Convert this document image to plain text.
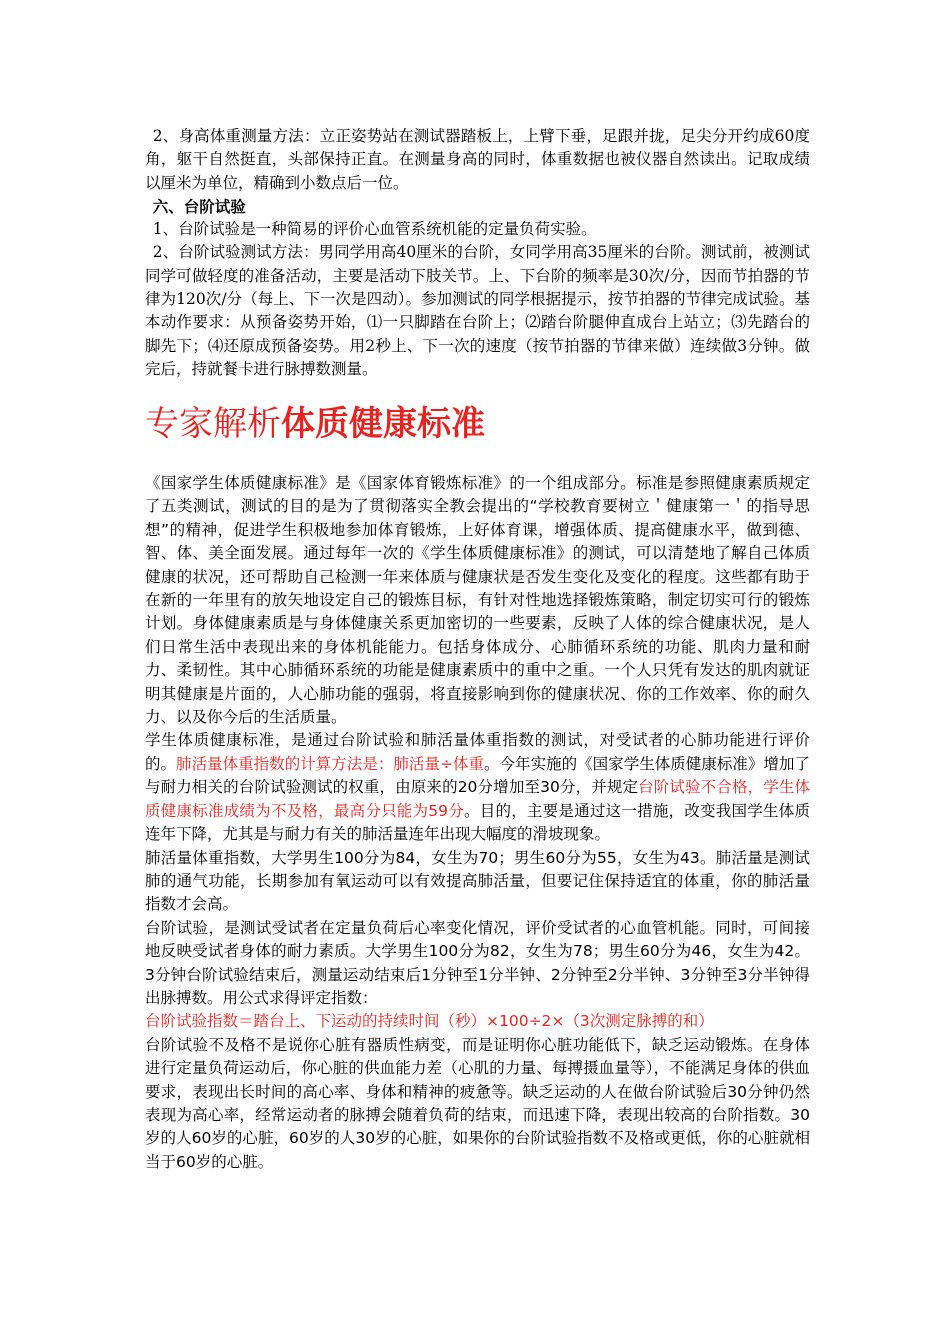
2、身高体重测量方法：立正姿势站在测试器踏板上，上臂下垂，足跟并拢，足尖分开约成60度角，躯干自然挺直，头部保持正直。在测量身高的同时，体重数据也被仪器自然读出。记取成绩以厘米为单位，精确到小数点后一位。

六、台阶试验

1、台阶试验是一种简易的评价心血管系统机能的定量负荷实验。

2、台阶试验测试方法：男同学用高40厘米的台阶，女同学用高35厘米的台阶。测试前，被测试同学可做轻度的准备活动，主要是活动下肢关节。上、下台阶的频率是30次/分，因而节拍器的节律为120次/分（每上、下一次是四动）。参加测试的同学根据提示，按节拍器的节律完成试验。基本动作要求：从预备姿势开始，⑴一只脚踏在台阶上；⑵踏台阶腿伸直成台上站立；⑶先踏台的脚先下；⑷还原成预备姿势。用2秒上、下一次的速度（按节拍器的节律来做）连续做3分钟。做完后，持就餐卡进行脉搏数测量。

专家解析体质健康标准

《国家学生体质健康标准》是《国家体育锻炼标准》的一个组成部分。标准是参照健康素质规定了五类测试，测试的目的是为了贯彻落实全教会提出的“学校教育要树立＇健康第一＇的指导思想”的精神，促进学生积极地参加体育锻炼，上好体育课，增强体质、提高健康水平，做到德、智、体、美全面发展。通过每年一次的《学生体质健康标准》的测试，可以清楚地了解自己体质健康的状况，还可帮助自己检测一年来体质与健康状是否发生变化及变化的程度。这些都有助于在新的一年里有的放矢地设定自己的锻炼目标，有针对性地选择锻炼策略，制定切实可行的锻炼计划。身体健康素质是与身体健康关系更加密切的一些要素，反映了人体的综合健康状况，是人们日常生活中表现出来的身体机能能力。包括身体成分、心肺循环系统的功能、肌肉力量和耐力、柔韧性。其中心肺循环系统的功能是健康素质中的重中之重。一个人只凭有发达的肌肉就证明其健康是片面的，人心肺功能的强弱，将直接影响到你的健康状况、你的工作效率、你的耐久力、以及你今后的生活质量。

学生体质健康标准，是通过台阶试验和肺活量体重指数的测试，对受试者的心肺功能进行评价的。肺活量体重指数的计算方法是：肺活量÷体重。今年实施的《国家学生体质健康标准》增加了与耐力相关的台阶试验测试的权重，由原来的20分增加至30分，并规定台阶试验不合格，学生体质健康标准成绩为不及格，最高分只能为59分。目的，主要是通过这一措施，改变我国学生体质连年下降，尤其是与耐力有关的肺活量连年出现大幅度的滑坡现象。

肺活量体重指数，大学男生100分为84，女生为70；男生60分为55，女生为43。肺活量是测试肺的通气功能，长期参加有氧运动可以有效提高肺活量，但要记住保持适宜的体重，你的肺活量指数才会高。

台阶试验，是测试受试者在定量负荷后心率变化情况，评价受试者的心血管机能。同时，可间接地反映受试者身体的耐力素质。大学男生100分为82，女生为78；男生60分为46，女生为42。3分钟台阶试验结束后，测量运动结束后1分钟至1分半钟、2分钟至2分半钟、3分钟至3分半钟得出脉搏数。用公式求得评定指数：

台阶试验指数＝踏台上、下运动的持续时间（秒）×100÷2×（3次测定脉搏的和）

台阶试验不及格不是说你心脏有器质性病变，而是证明你心脏功能低下，缺乏运动锻炼。在身体进行定量负荷运动后，你心脏的供血能力差（心肌的力量、每搏摄血量等），不能满足身体的供血要求，表现出长时间的高心率、身体和精神的疲惫等。缺乏运动的人在做台阶试验后30分钟仍然表现为高心率，经常运动者的脉搏会随着负荷的结束，而迅速下降，表现出较高的台阶指数。30岁的人60岁的心脏，60岁的人30岁的心脏，如果你的台阶试验指数不及格或更低，你的心脏就相当于60岁的心脏。
